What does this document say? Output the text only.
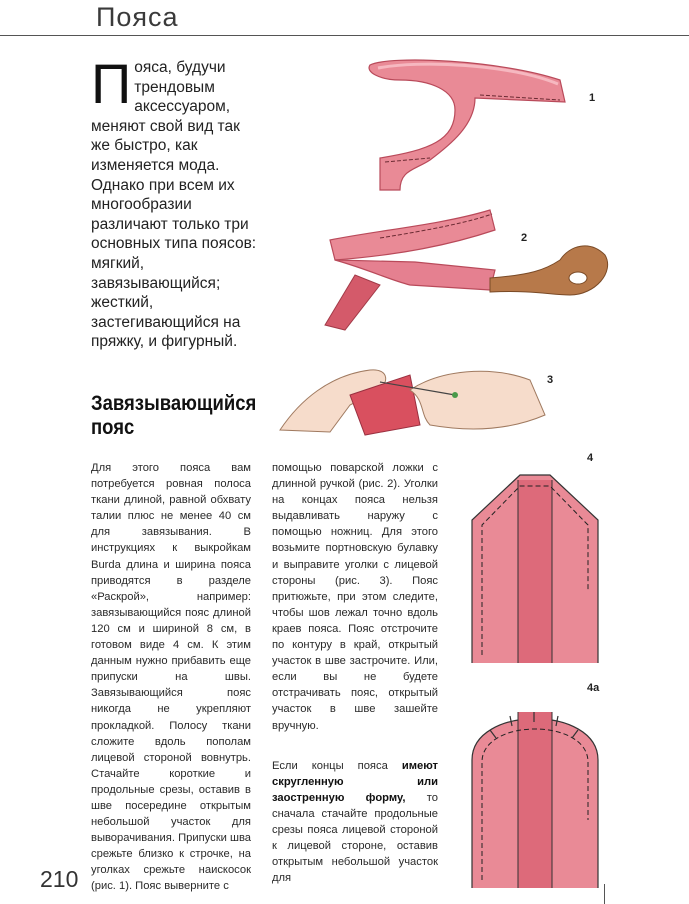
Пояса
Пояса, будучи трендовым аксессуаром, меняют свой вид так же быстро, как изменяется мода. Однако при всем их многообразии различают только три основных типа поясов: мягкий, завязывающийся; жесткий, застегивающийся на пряжку, и фигурный.
Завязывающийся пояс

Для этого пояса вам потребуется ровная полоса ткани длиной, равной обхвату талии плюс не менее 40 см для завязывания. В инструкциях к выкройкам Burda длина и ширина пояса приводятся в разделе «Раскрой», например: завязывающийся пояс длиной 120 см и шириной 8 см, в готовом виде 4 см. К этим данным нужно прибавить еще припуски на швы. Завязывающийся пояс никогда не укрепляют прокладкой. Полосу ткани сложите вдоль пополам лицевой стороной вовнутрь. Стачайте короткие и продольные срезы, оставив в шве посередине открытым небольшой участок для выворачивания. Припуски шва срежьте близко к строчке, на уголках срежьте наискосок (рис. 1). Пояс выверните с

помощью поварской ложки с длинной ручкой (рис. 2). Уголки на концах пояса нельзя выдавливать наружу с помощью ножниц. Для этого возьмите портновскую булавку и выправите уголки с лицевой стороны (рис. 3). Пояс притюжьте, при этом следите, чтобы шов лежал точно вдоль краев пояса. Пояс отстрочите по контуру в край, открытый участок в шве застрочите. Или, если вы не будете отстрачивать пояс, открытый участок в шве зашейте вручную.

Если концы пояса имеют скругленную или заостренную форму, то сначала стачайте продольные срезы пояса лицевой стороной к лицевой стороне, оставив открытым небольшой участок для

1
2
3
4
4а
210
